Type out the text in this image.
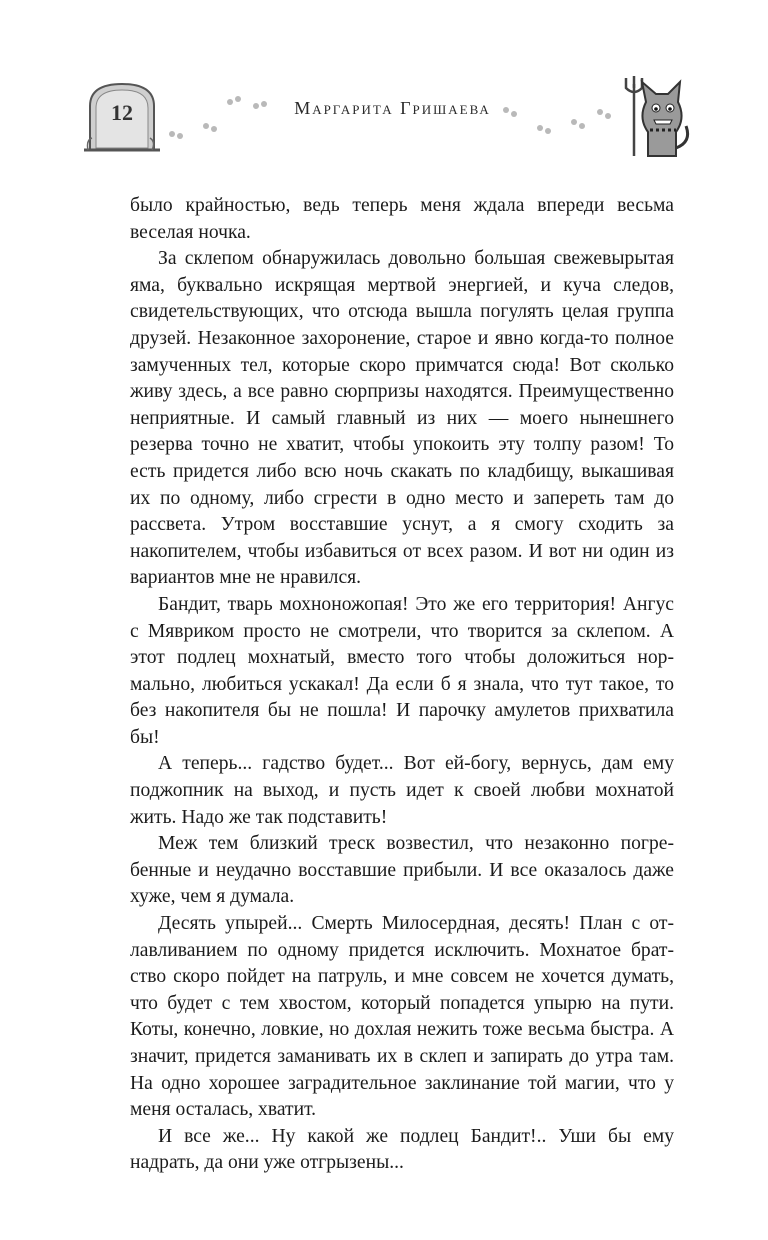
12	Маргарита Гришаева

было крайностью, ведь теперь меня ждала впереди весьма веселая ночка.

За склепом обнаружилась довольно большая свежевырытая яма, буквально искрящая мертвой энергией, и куча следов, свидетельствующих, что отсюда вышла погулять целая группа друзей. Незаконное захоронение, старое и явно когда-то полное замученных тел, которые скоро примчатся сюда! Вот сколько живу здесь, а все равно сюрпризы находятся. Преимущественно неприятные. И самый главный из них — моего нынешнего резерва точно не хватит, чтобы упокоить эту толпу разом! То есть придется либо всю ночь скакать по кладбищу, выкашивая их по одному, либо сгрести в одно место и запереть там до рассвета. Утром восставшие уснут, а я смогу сходить за накопителем, чтобы избавиться от всех разом. И вот ни один из вариантов мне не нравился.

Бандит, тварь мохноножопая! Это же его территория! Ангус с Мявриком просто не смотрели, что творится за склепом. А этот подлец мохнатый, вместо того чтобы доложиться нормально, любиться ускакал! Да если б я знала, что тут такое, то без накопителя бы не пошла! И парочку амулетов прихватила бы!

А теперь... гадство будет... Вот ей-богу, вернусь, дам ему поджопник на выход, и пусть идет к своей любви мохнатой жить. Надо же так подставить!

Меж тем близкий треск возвестил, что незаконно погребенные и неудачно восставшие прибыли. И все оказалось даже хуже, чем я думала.

Десять упырей... Смерть Милосердная, десять! План с отлавливанием по одному придется исключить. Мохнатое братство скоро пойдет на патруль, и мне совсем не хочется думать, что будет с тем хвостом, который попадется упырю на пути. Коты, конечно, ловкие, но дохлая нежить тоже весьма быстра. А значит, придется заманивать их в склеп и запирать до утра там. На одно хорошее заградительное заклинание той магии, что у меня осталась, хватит.

И все же... Ну какой же подлец Бандит!.. Уши бы ему надрать, да они уже отгрызены...
